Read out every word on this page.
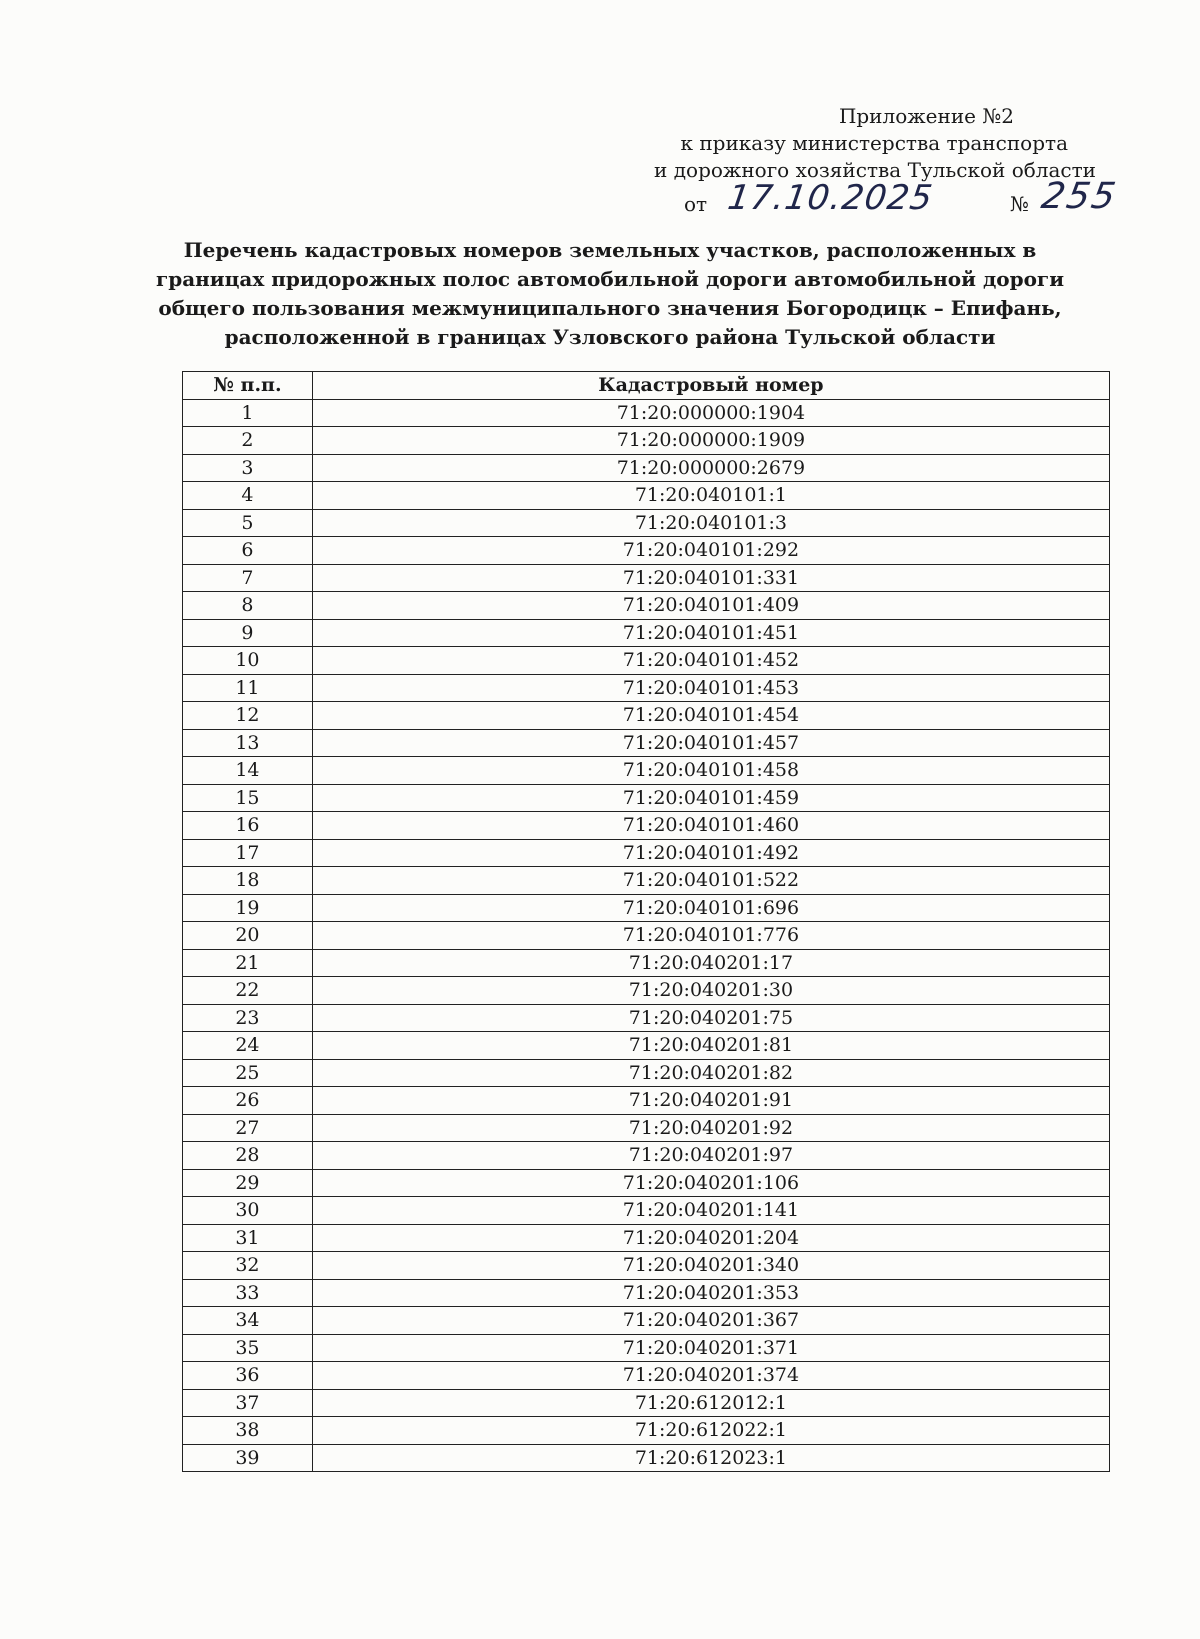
Приложение №2
к приказу министерства транспорта
и дорожного хозяйства Тульской области
от 17.10.2025	№ 255
Перечень кадастровых номеров земельных участков, расположенных в границах придорожных полос автомобильной дороги автомобильной дороги общего пользования межмуниципального значения Богородицк – Епифань, расположенной в границах Узловского района Тульской области
№ п.п.	Кадастровый номер
1	71:20:000000:1904
2	71:20:000000:1909
3	71:20:000000:2679
4	71:20:040101:1
5	71:20:040101:3
6	71:20:040101:292
7	71:20:040101:331
8	71:20:040101:409
9	71:20:040101:451
10	71:20:040101:452
11	71:20:040101:453
12	71:20:040101:454
13	71:20:040101:457
14	71:20:040101:458
15	71:20:040101:459
16	71:20:040101:460
17	71:20:040101:492
18	71:20:040101:522
19	71:20:040101:696
20	71:20:040101:776
21	71:20:040201:17
22	71:20:040201:30
23	71:20:040201:75
24	71:20:040201:81
25	71:20:040201:82
26	71:20:040201:91
27	71:20:040201:92
28	71:20:040201:97
29	71:20:040201:106
30	71:20:040201:141
31	71:20:040201:204
32	71:20:040201:340
33	71:20:040201:353
34	71:20:040201:367
35	71:20:040201:371
36	71:20:040201:374
37	71:20:612012:1
38	71:20:612022:1
39	71:20:612023:1
